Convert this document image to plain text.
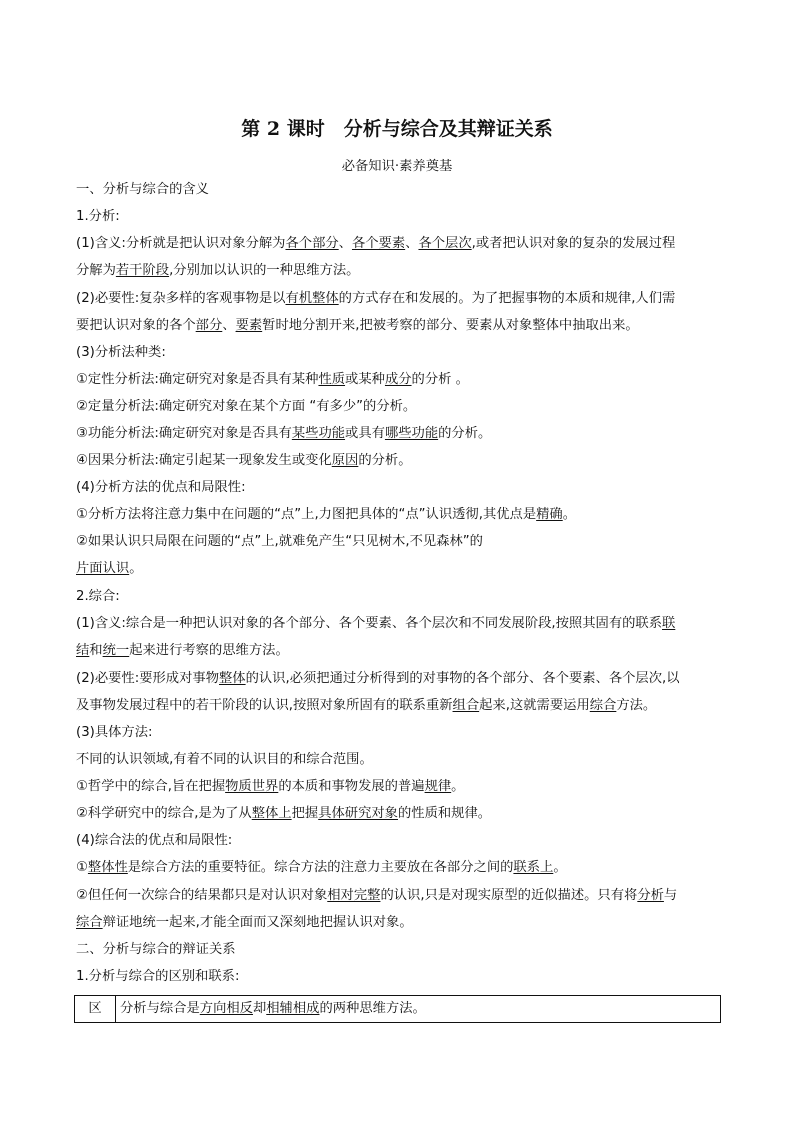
第 2 课时　分析与综合及其辩证关系
必备知识·素养奠基
一、分析与综合的含义
1.分析:
(1)含义:分析就是把认识对象分解为各个部分、各个要素、各个层次,或者把认识对象的复杂的发展过程
分解为若干阶段,分别加以认识的一种思维方法。
(2)必要性:复杂多样的客观事物是以有机整体的方式存在和发展的。为了把握事物的本质和规律,人们需
要把认识对象的各个部分、要素暂时地分割开来,把被考察的部分、要素从对象整体中抽取出来。
(3)分析法种类:
①定性分析法:确定研究对象是否具有某种性质或某种成分的分析 。
②定量分析法:确定研究对象在某个方面 “有多少”的分析。
③功能分析法:确定研究对象是否具有某些功能或具有哪些功能的分析。
④因果分析法:确定引起某一现象发生或变化原因的分析。
(4)分析方法的优点和局限性:
①分析方法将注意力集中在问题的“点”上,力图把具体的“点”认识透彻,其优点是精确。
②如果认识只局限在问题的“点”上,就难免产生“只见树木,不见森林”的
片面认识。
2.综合:
(1)含义:综合是一种把认识对象的各个部分、各个要素、各个层次和不同发展阶段,按照其固有的联系联
结和统一起来进行考察的思维方法。
(2)必要性:要形成对事物整体的认识,必须把通过分析得到的对事物的各个部分、各个要素、各个层次,以
及事物发展过程中的若干阶段的认识,按照对象所固有的联系重新组合起来,这就需要运用综合方法。
(3)具体方法:
不同的认识领域,有着不同的认识目的和综合范围。
①哲学中的综合,旨在把握物质世界的本质和事物发展的普遍规律。
②科学研究中的综合,是为了从整体上把握具体研究对象的性质和规律。
(4)综合法的优点和局限性:
①整体性是综合方法的重要特征。综合方法的注意力主要放在各部分之间的联系上。
②但任何一次综合的结果都只是对认识对象相对完整的认识,只是对现实原型的近似描述。只有将分析与
综合辩证地统一起来,才能全面而又深刻地把握认识对象。
二、分析与综合的辩证关系
1.分析与综合的区别和联系:
区	分析与综合是方向相反却相辅相成的两种思维方法。
